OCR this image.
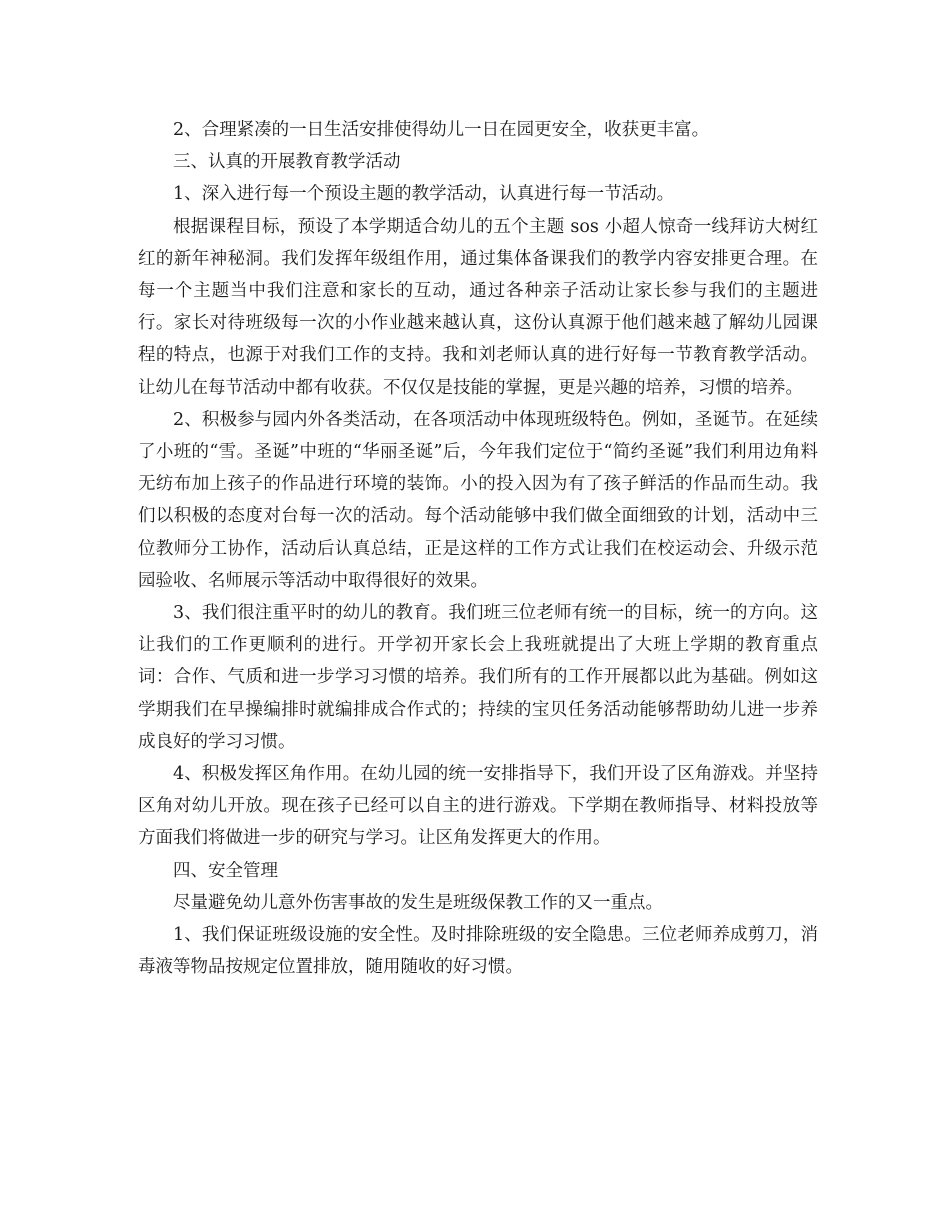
2、合理紧凑的一日生活安排使得幼儿一日在园更安全，收获更丰富。

三、认真的开展教育教学活动

1、深入进行每一个预设主题的教学活动，认真进行每一节活动。

根据课程目标，预设了本学期适合幼儿的五个主题 sos 小超人惊奇一线拜访大树红红的新年神秘洞。我们发挥年级组作用，通过集体备课我们的教学内容安排更合理。在每一个主题当中我们注意和家长的互动，通过各种亲子活动让家长参与我们的主题进行。家长对待班级每一次的小作业越来越认真，这份认真源于他们越来越了解幼儿园课程的特点，也源于对我们工作的支持。我和刘老师认真的进行好每一节教育教学活动。让幼儿在每节活动中都有收获。不仅仅是技能的掌握，更是兴趣的培养，习惯的培养。

2、积极参与园内外各类活动，在各项活动中体现班级特色。例如，圣诞节。在延续了小班的“雪。圣诞”中班的“华丽圣诞”后，今年我们定位于“简约圣诞”我们利用边角料无纺布加上孩子的作品进行环境的装饰。小的投入因为有了孩子鲜活的作品而生动。我们以积极的态度对台每一次的活动。每个活动能够中我们做全面细致的计划，活动中三位教师分工协作，活动后认真总结，正是这样的工作方式让我们在校运动会、升级示范园验收、名师展示等活动中取得很好的效果。

3、我们很注重平时的幼儿的教育。我们班三位老师有统一的目标，统一的方向。这让我们的工作更顺利的进行。开学初开家长会上我班就提出了大班上学期的教育重点词：合作、气质和进一步学习习惯的培养。我们所有的工作开展都以此为基础。例如这学期我们在早操编排时就编排成合作式的；持续的宝贝任务活动能够帮助幼儿进一步养成良好的学习习惯。

4、积极发挥区角作用。在幼儿园的统一安排指导下，我们开设了区角游戏。并坚持区角对幼儿开放。现在孩子已经可以自主的进行游戏。下学期在教师指导、材料投放等方面我们将做进一步的研究与学习。让区角发挥更大的作用。

四、安全管理

尽量避免幼儿意外伤害事故的发生是班级保教工作的又一重点。

1、我们保证班级设施的安全性。及时排除班级的安全隐患。三位老师养成剪刀，消毒液等物品按规定位置排放，随用随收的好习惯。
